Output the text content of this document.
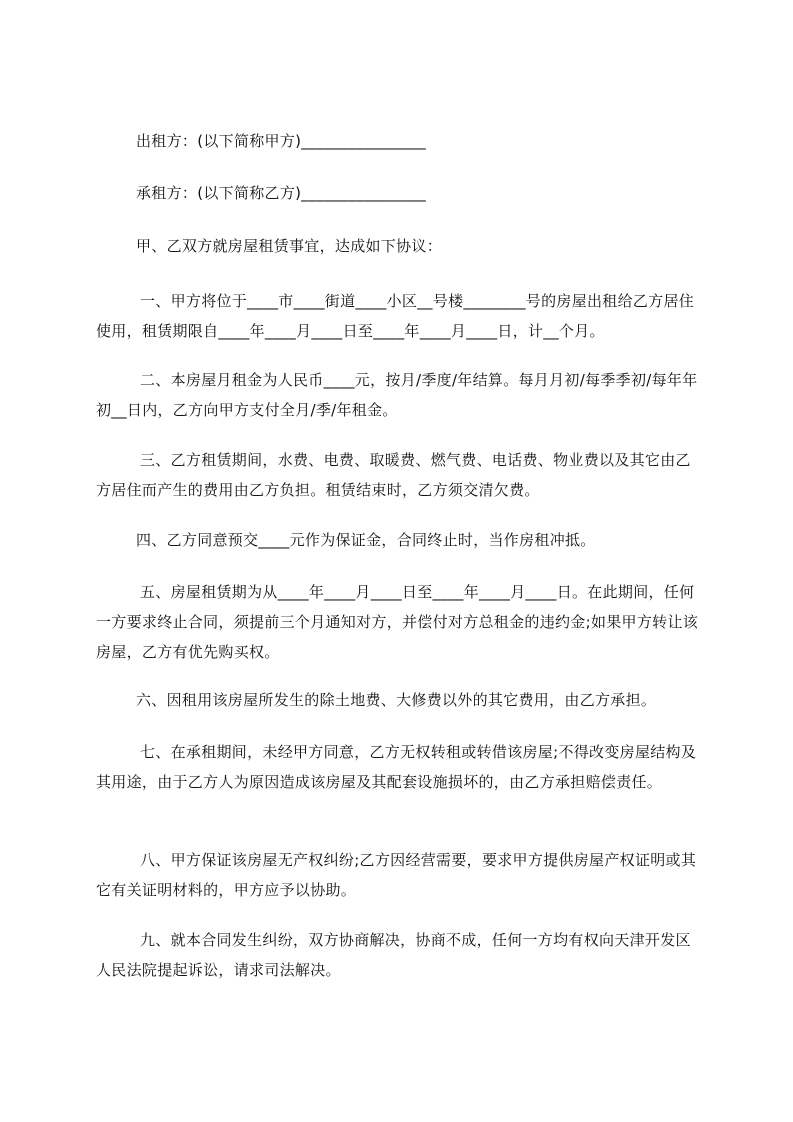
出租方：(以下简称甲方)________________

承租方：(以下简称乙方)________________

甲、乙双方就房屋租赁事宜，达成如下协议：

一、甲方将位于____市____街道____小区__号楼________号的房屋出租给乙方居住使用，租赁期限自____年____月____日至____年____月____日，计__个月。

二、本房屋月租金为人民币____元，按月/季度/年结算。每月月初/每季季初/每年年初__日内，乙方向甲方支付全月/季/年租金。

三、乙方租赁期间，水费、电费、取暖费、燃气费、电话费、物业费以及其它由乙方居住而产生的费用由乙方负担。租赁结束时，乙方须交清欠费。

四、乙方同意预交____元作为保证金，合同终止时，当作房租冲抵。

五、房屋租赁期为从____年____月____日至____年____月____日。在此期间，任何一方要求终止合同，须提前三个月通知对方，并偿付对方总租金的违约金;如果甲方转让该房屋，乙方有优先购买权。

六、因租用该房屋所发生的除土地费、大修费以外的其它费用，由乙方承担。

七、在承租期间，未经甲方同意，乙方无权转租或转借该房屋;不得改变房屋结构及其用途，由于乙方人为原因造成该房屋及其配套设施损坏的，由乙方承担赔偿责任。

八、甲方保证该房屋无产权纠纷;乙方因经营需要，要求甲方提供房屋产权证明或其它有关证明材料的，甲方应予以协助。

九、就本合同发生纠纷，双方协商解决，协商不成，任何一方均有权向天津开发区人民法院提起诉讼，请求司法解决。
